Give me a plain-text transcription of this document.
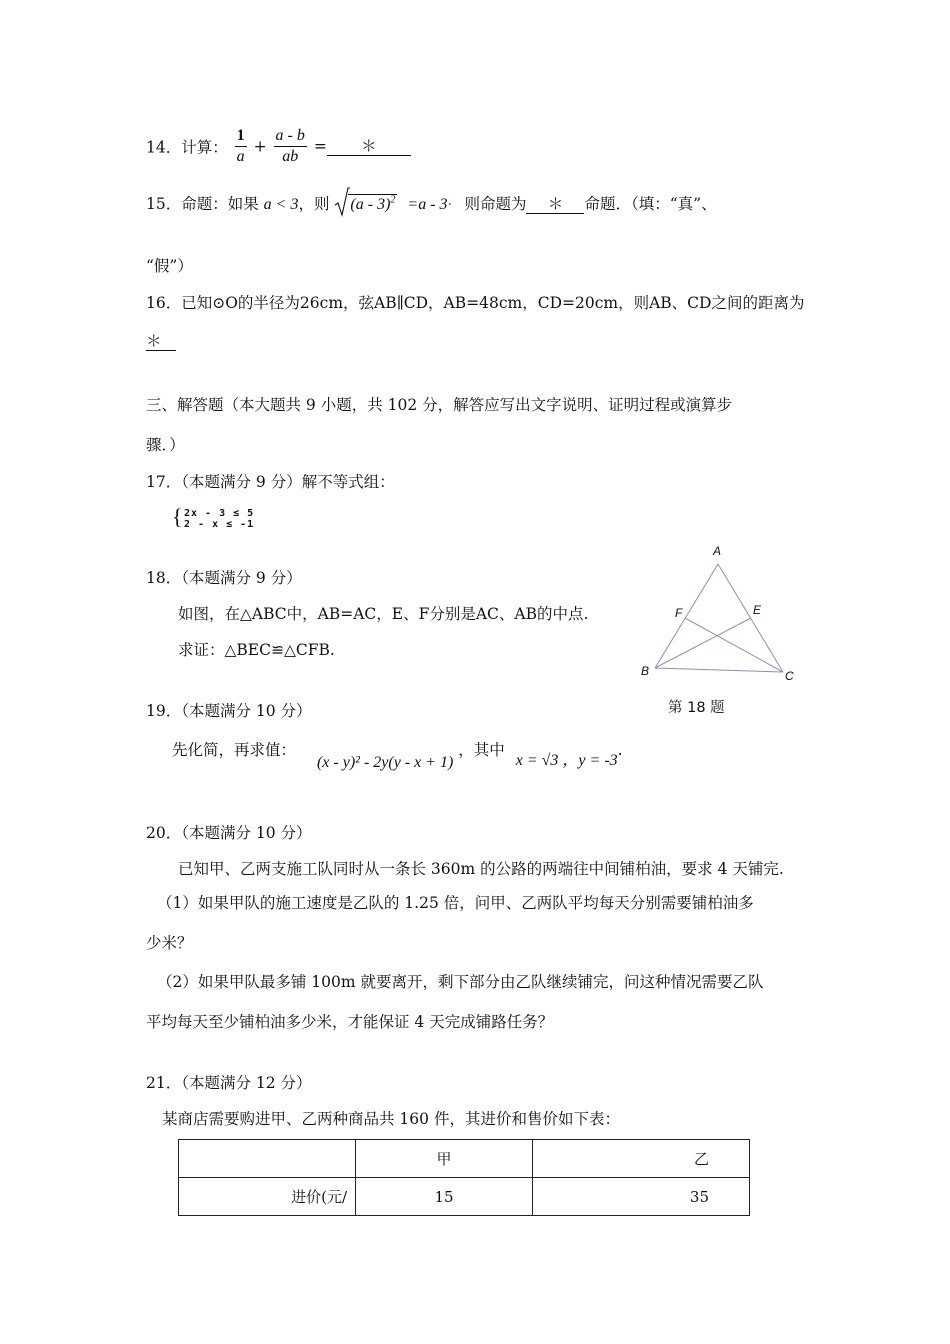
14．计算： $\frac{1}{a} + \frac{a - b}{ab}$ = ＊
15．命题：如果 a < 3，则 (a - 3)$^2$ =a - 3· 则命题为 ＊ 命题．（填：“真”、
“假”）
16．已知⊙O的半径为26cm，弦AB∥CD，AB=48cm，CD=20cm，则AB、CD之间的距离为
＊
三、解答题（本大题共 9 小题，共 102 分，解答应写出文字说明、证明过程或演算步
骤．）
17．（本题满分 9 分）解不等式组：
{ 2x - 3 ≤ 5
2 - x ≤ -1
18．（本题满分 9 分）
如图，在△ABC中，AB=AC，E、F分别是AC、AB的中点.
求证：△BEC≌△CFB.
A
B	C
E
F
第 18 题
19．（本题满分 10 分）
先化简，再求值： (x - y)² - 2y(y - x + 1) ，其中 x = √3 ，y = -3.
20．（本题满分 10 分）
已知甲、乙两支施工队同时从一条长 360m 的公路的两端往中间铺柏油，要求 4 天铺完.
（1）如果甲队的施工速度是乙队的 1.25 倍，问甲、乙两队平均每天分别需要铺柏油多
少米？
（2）如果甲队最多铺 100m 就要离开，剩下部分由乙队继续铺完，问这种情况需要乙队
平均每天至少铺柏油多少米，才能保证 4 天完成铺路任务？
21．（本题满分 12 分）
某商店需要购进甲、乙两种商品共 160 件，其进价和售价如下表：
	甲	乙
进价(元/	15	35
